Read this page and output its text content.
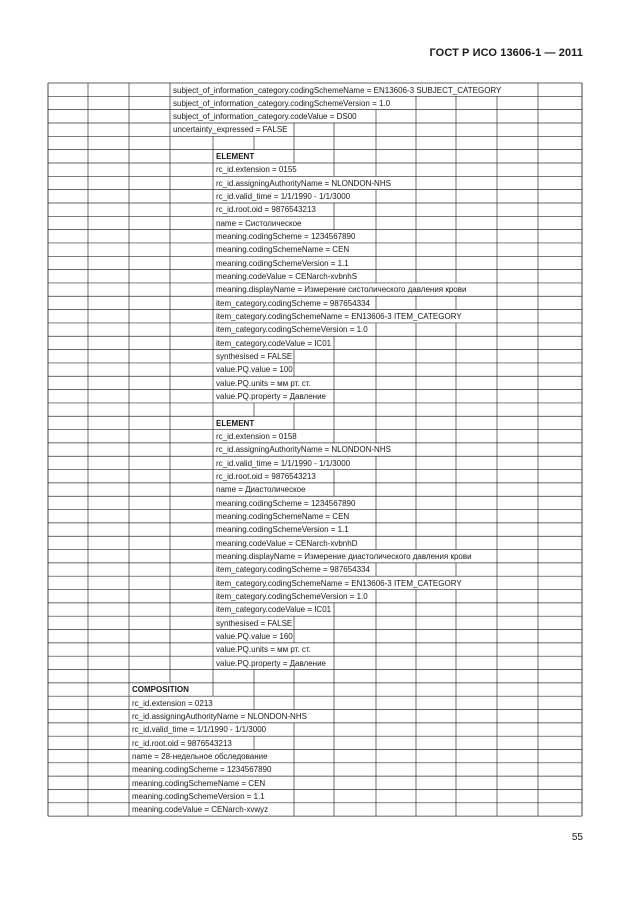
ГОСТ Р ИСО 13606-1 — 2011
subject_of_information_category.codingSchemeName = EN13606-3 SUBJECT_CATEGORY
subject_of_information_category.codingSchemeVersion = 1.0
subject_of_information_category.codeValue = DS00
uncertainty_expressed = FALSE
ELEMENT
rc_id.extension = 0155
rc_id.assigningAuthorityName = NLONDON-NHS
rc_id.valid_time = 1/1/1990 - 1/1/3000
rc_id.root.oid = 9876543213
name = Систолическое
meaning.codingScheme = 1234567890
meaning.codingSchemeName = CEN
meaning.codingSchemeVersion = 1.1
meaning.codeValue = CENarch-xvbnhS
meaning.displayName = Измерение систолического давления крови
item_category.codingScheme = 987654334
item_category.codingSchemeName = EN13606-3 ITEM_CATEGORY
item_category.codingSchemeVersion = 1.0
item_category.codeValue = IC01
synthesised = FALSE
value.PQ.value = 100
value.PQ.units = мм рт. ст.
value.PQ.property = Давление
ELEMENT
rc_id.extension = 0158
rc_id.assigningAuthorityName = NLONDON-NHS
rc_id.valid_time = 1/1/1990 - 1/1/3000
rc_id.root.oid = 9876543213
name = Диастолическое
meaning.codingScheme = 1234567890
meaning.codingSchemeName = CEN
meaning.codingSchemeVersion = 1.1
meaning.codeValue = CENarch-xvbnhD
meaning.displayName = Измерение диастолического давления крови
item_category.codingScheme = 987654334
item_category.codingSchemeName = EN13606-3 ITEM_CATEGORY
item_category.codingSchemeVersion = 1.0
item_category.codeValue = IC01
synthesised = FALSE
value.PQ.value = 160
value.PQ.units = мм рт. ст.
value.PQ.property = Давление
COMPOSITION
rc_id.extension = 0213
rc_id.assigningAuthorityName = NLONDON-NHS
rc_id.valid_time = 1/1/1990 - 1/1/3000
rc_id.root.oid = 9876543213
name = 28-недельное обследование
meaning.codingScheme = 1234567890
meaning.codingSchemeName = CEN
meaning.codingSchemeVersion = 1.1
meaning.codeValue = CENarch-xvwyz
55
